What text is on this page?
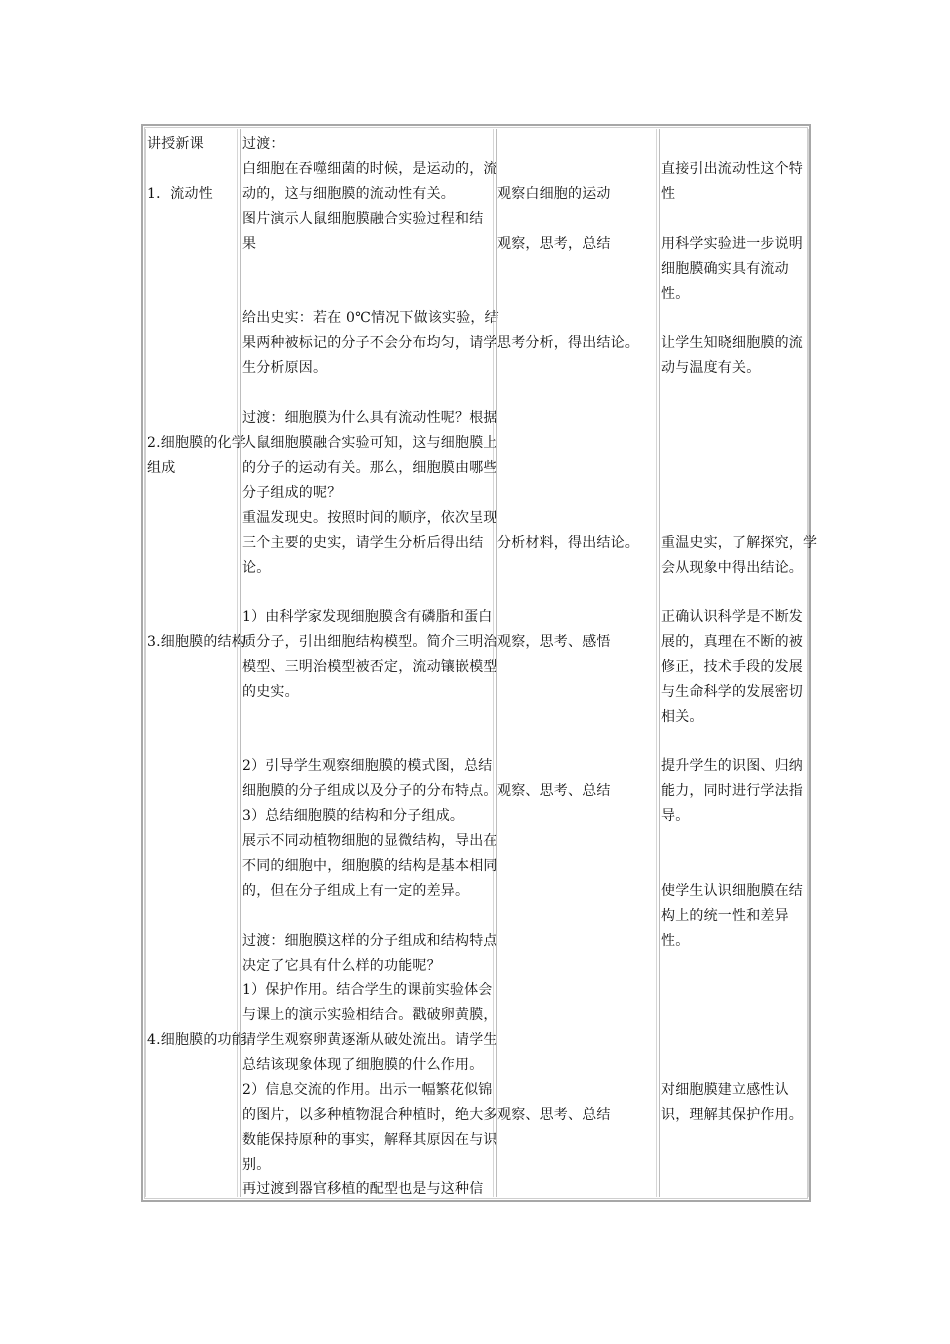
讲授新课

1．流动性

2.细胞膜的化学

组成

3.细胞膜的结构

4.细胞膜的功能

过渡：

白细胞在吞噬细菌的时候，是运动的，流

动的，这与细胞膜的流动性有关。

图片演示人鼠细胞膜融合实验过程和结

果

给出史实：若在 0℃情况下做该实验，结

果两种被标记的分子不会分布均匀，请学

生分析原因。

过渡：细胞膜为什么具有流动性呢？根据

人鼠细胞膜融合实验可知，这与细胞膜上

的分子的运动有关。那么，细胞膜由哪些

分子组成的呢？

重温发现史。按照时间的顺序，依次呈现

三个主要的史实，请学生分析后得出结

论。

1）由科学家发现细胞膜含有磷脂和蛋白

质分子，引出细胞结构模型。简介三明治

模型、三明治模型被否定，流动镶嵌模型

的史实。

2）引导学生观察细胞膜的模式图，总结

细胞膜的分子组成以及分子的分布特点。

3）总结细胞膜的结构和分子组成。

展示不同动植物细胞的显微结构，导出在

不同的细胞中，细胞膜的结构是基本相同

的，但在分子组成上有一定的差异。

过渡：细胞膜这样的分子组成和结构特点

决定了它具有什么样的功能呢？

1）保护作用。结合学生的课前实验体会

与课上的演示实验相结合。戳破卵黄膜，

请学生观察卵黄逐渐从破处流出。请学生

总结该现象体现了细胞膜的什么作用。

2）信息交流的作用。出示一幅繁花似锦

的图片，以多种植物混合种植时，绝大多

数能保持原种的事实，解释其原因在与识

别。

再过渡到器官移植的配型也是与这种信

观察白细胞的运动

观察，思考，总结

思考分析，得出结论。

分析材料，得出结论。

观察，思考、感悟

观察、思考、总结

观察、思考、总结

直接引出流动性这个特

性

用科学实验进一步说明

细胞膜确实具有流动

性。

让学生知晓细胞膜的流

动与温度有关。

重温史实，了解探究，学

会从现象中得出结论。

正确认识科学是不断发

展的，真理在不断的被

修正，技术手段的发展

与生命科学的发展密切

相关。

提升学生的识图、归纳

能力，同时进行学法指

导。

使学生认识细胞膜在结

构上的统一性和差异

性。

对细胞膜建立感性认

识，理解其保护作用。
